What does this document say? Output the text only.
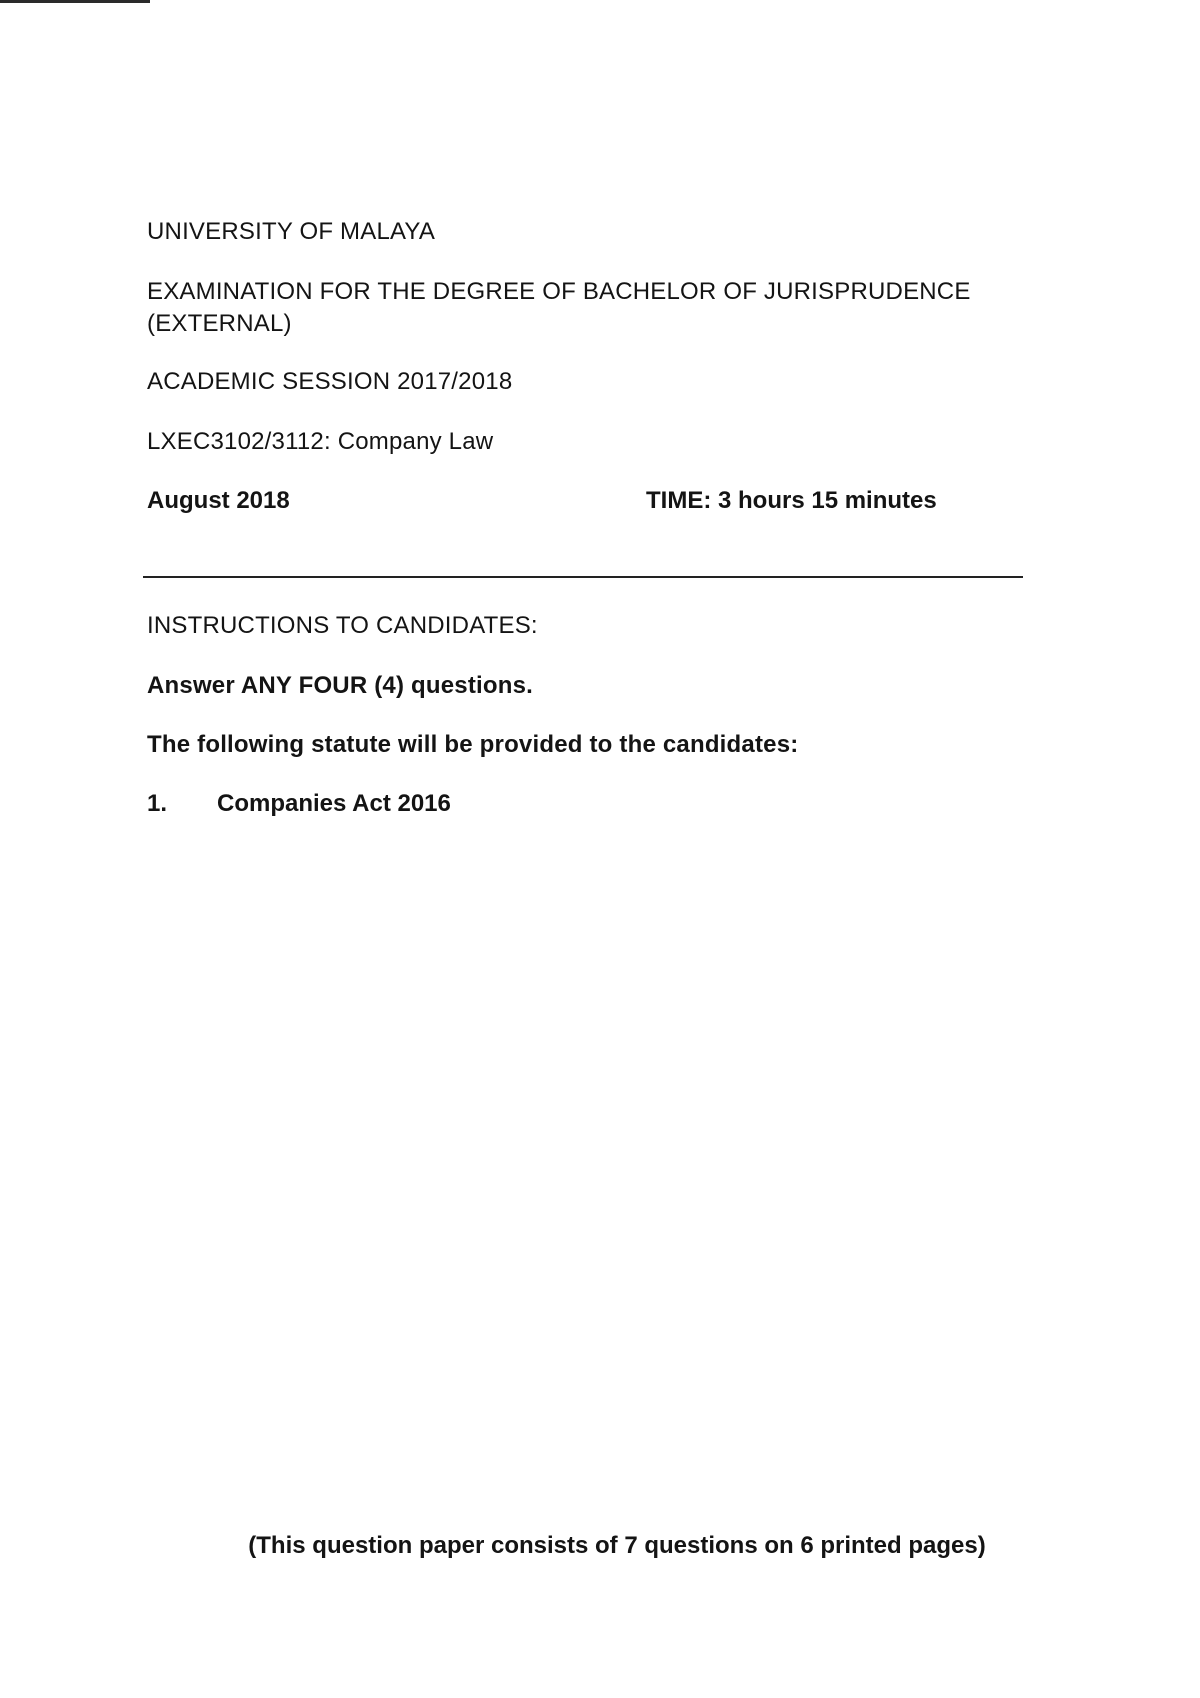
UNIVERSITY OF MALAYA
EXAMINATION FOR THE DEGREE OF BACHELOR OF JURISPRUDENCE
(EXTERNAL)
ACADEMIC SESSION 2017/2018
LXEC3102/3112: Company Law
August 2018	TIME: 3 hours 15 minutes
INSTRUCTIONS TO CANDIDATES:
Answer ANY FOUR (4) questions.
The following statute will be provided to the candidates:
1. Companies Act 2016
(This question paper consists of 7 questions on 6 printed pages)
